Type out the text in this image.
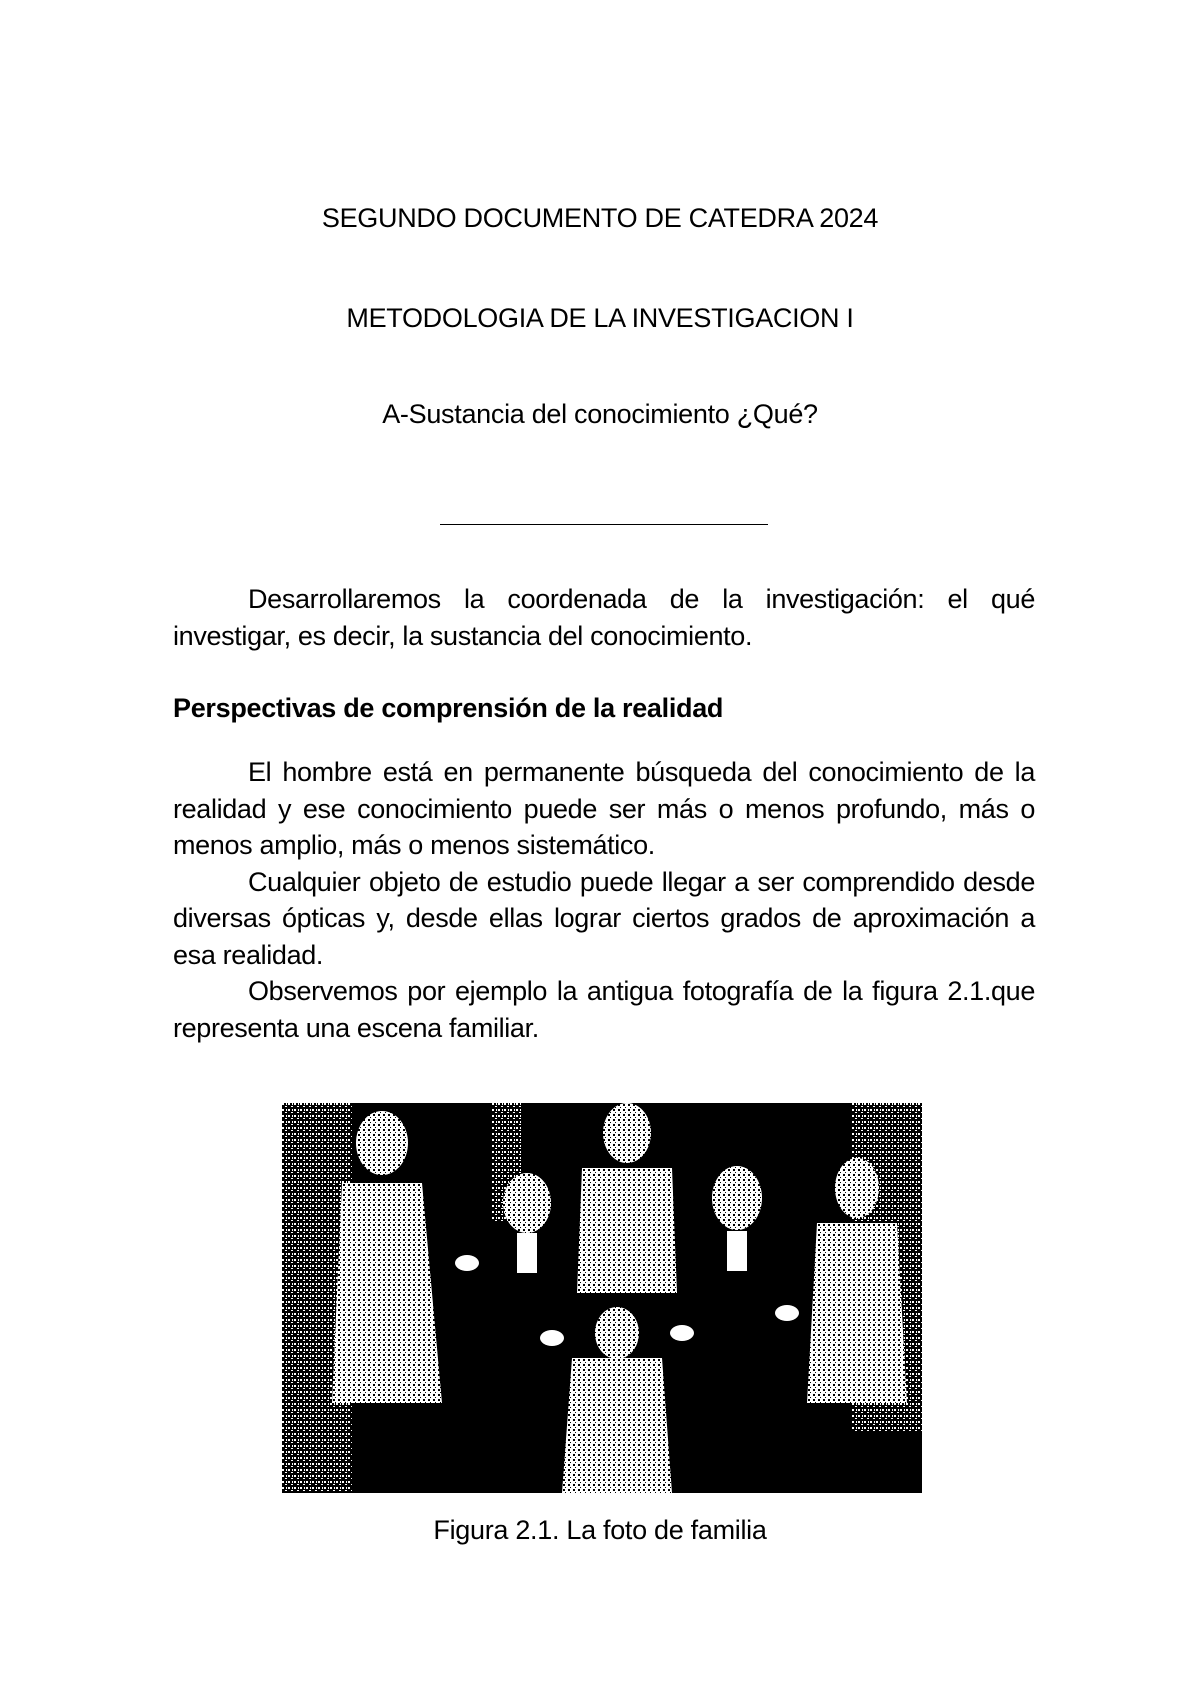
SEGUNDO DOCUMENTO DE CATEDRA 2024
METODOLOGIA DE LA INVESTIGACION I
A-Sustancia del conocimiento ¿Qué?

Desarrollaremos la coordenada de la investigación: el qué investigar, es decir, la sustancia del conocimiento.

Perspectivas de comprensión de la realidad

El hombre está en permanente búsqueda del conocimiento de la realidad y ese conocimiento puede ser más o menos profundo, más o menos amplio, más o menos sistemático.

Cualquier objeto de estudio puede llegar a ser comprendido desde diversas ópticas y, desde ellas lograr ciertos grados de aproximación a esa realidad.

Observemos por ejemplo la antigua fotografía de la figura 2.1.que representa una escena familiar.

Figura 2.1. La foto de familia
